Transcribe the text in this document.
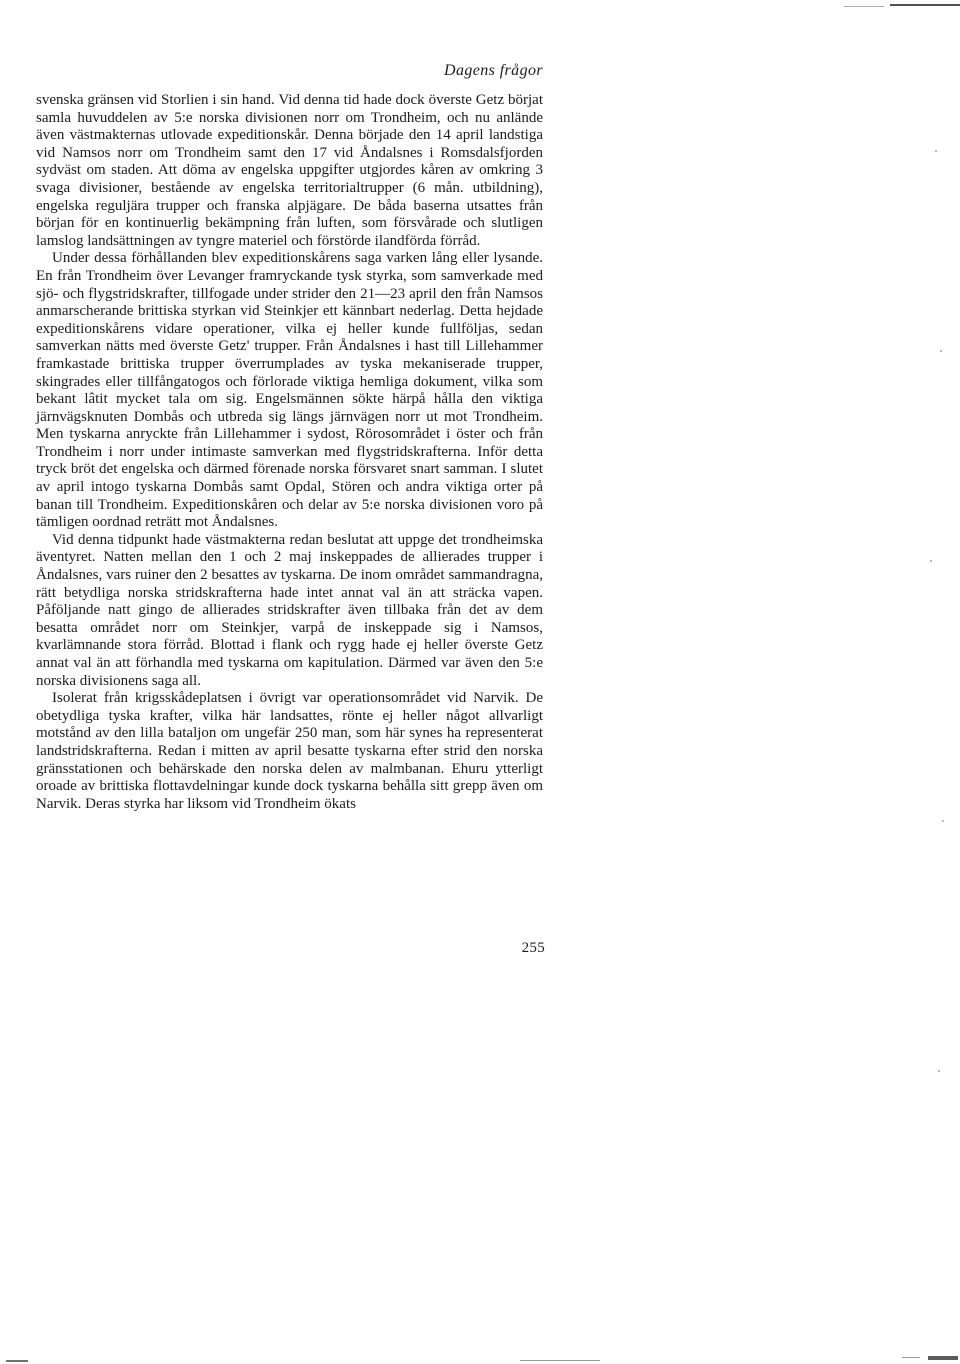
Dagens frågor

svenska gränsen vid Storlien i sin hand. Vid denna tid hade dock överste Getz börjat samla huvuddelen av 5:e norska divisionen norr om Trondheim, och nu anlände även västmakternas utlovade expeditionskår. Denna började den 14 april landstiga vid Namsos norr om Trondheim samt den 17 vid Åndalsnes i Romsdalsfjorden sydväst om staden. Att döma av engelska uppgifter utgjordes kåren av omkring 3 svaga divisioner, bestående av engelska territorialtrupper (6 mån. utbildning), engelska reguljära trupper och franska alpjägare. De båda baserna utsattes från början för en kontinuerlig bekämpning från luften, som försvårade och slutligen lamslog landsättningen av tyngre materiel och förstörde ilandförda förråd.

Under dessa förhållanden blev expeditionskårens saga varken lång eller lysande. En från Trondheim över Levanger framryckande tysk styrka, som samverkade med sjö- och flygstridskrafter, tillfogade under strider den 21—23 april den från Namsos anmarscherande brittiska styrkan vid Steinkjer ett kännbart nederlag. Detta hejdade expeditionskårens vidare operationer, vilka ej heller kunde fullföljas, sedan samverkan nätts med överste Getz' trupper. Från Åndalsnes i hast till Lillehammer framkastade brittiska trupper överrumplades av tyska mekaniserade trupper, skingrades eller tillfångatogos och förlorade viktiga hemliga dokument, vilka som bekant lâtit mycket tala om sig. Engelsmännen sökte härpå hålla den viktiga järnvägsknuten Dombås och utbreda sig längs järnvägen norr ut mot Trondheim. Men tyskarna anryckte från Lillehammer i sydost, Rörosområdet i öster och från Trondheim i norr under intimaste samverkan med flygstridskrafterna. Inför detta tryck bröt det engelska och därmed förenade norska försvaret snart samman. I slutet av april intogo tyskarna Dombås samt Opdal, Stören och andra viktiga orter på banan till Trondheim. Expeditionskåren och delar av 5:e norska divisionen voro på tämligen oordnad reträtt mot Åndalsnes.

Vid denna tidpunkt hade västmakterna redan beslutat att uppge det trondheimska äventyret. Natten mellan den 1 och 2 maj inskeppades de allierades trupper i Åndalsnes, vars ruiner den 2 besattes av tyskarna. De inom området sammandragna, rätt betydliga norska stridskrafterna hade intet annat val än att sträcka vapen. Påföljande natt gingo de allierades stridskrafter även tillbaka från det av dem besatta området norr om Steinkjer, varpå de inskeppade sig i Namsos, kvarlämnande stora förråd. Blottad i flank och rygg hade ej heller överste Getz annat val än att förhandla med tyskarna om kapitulation. Därmed var även den 5:e norska divisionens saga all.

Isolerat från krigsskådeplatsen i övrigt var operationsområdet vid Narvik. De obetydliga tyska krafter, vilka här landsattes, rönte ej heller något allvarligt motstånd av den lilla bataljon om ungefär 250 man, som här synes ha representerat landstridskrafterna. Redan i mitten av april besatte tyskarna efter strid den norska gränsstationen och behärskade den norska delen av malmbanan. Ehuru ytterligt oroade av brittiska flottavdelningar kunde dock tyskarna behålla sitt grepp även om Narvik. Deras styrka har liksom vid Trondheim ökats

255
